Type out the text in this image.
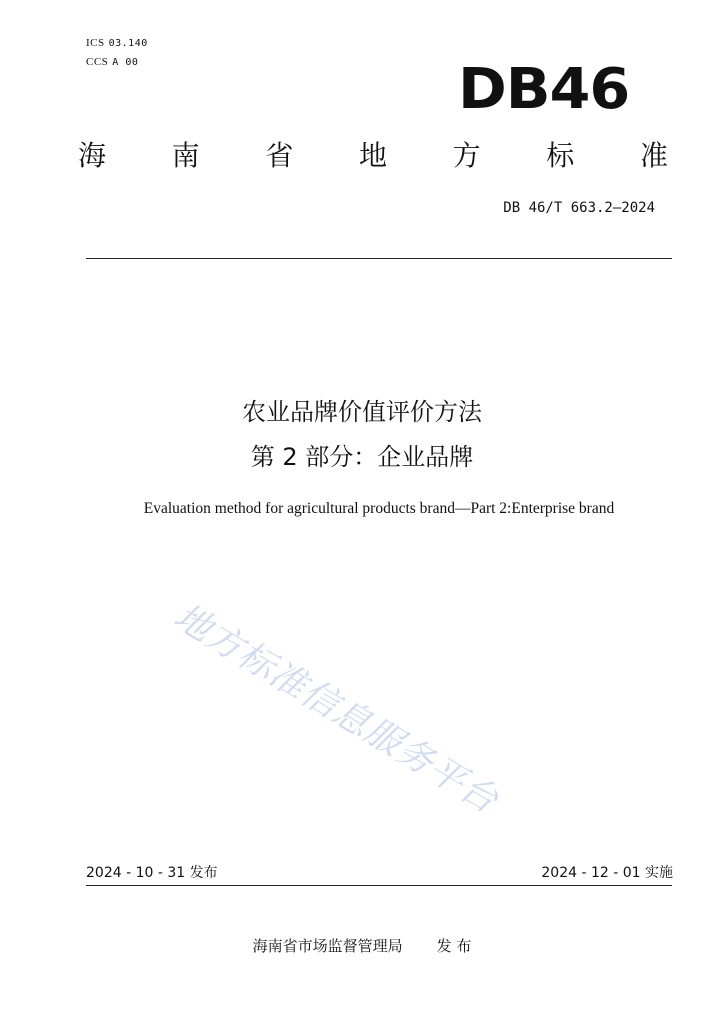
ICS 03.140
CCS A 00	DB46
海 南 省 地 方 标 准
DB 46/T 663.2—2024
农业品牌价值评价方法
第 2 部分：企业品牌
Evaluation method for agricultural products brand—Part 2:Enterprise brand
地方标准信息服务平台
2024 - 10 - 31 发布	2024 - 12 - 01 实施
海南省市场监督管理局 发 布
